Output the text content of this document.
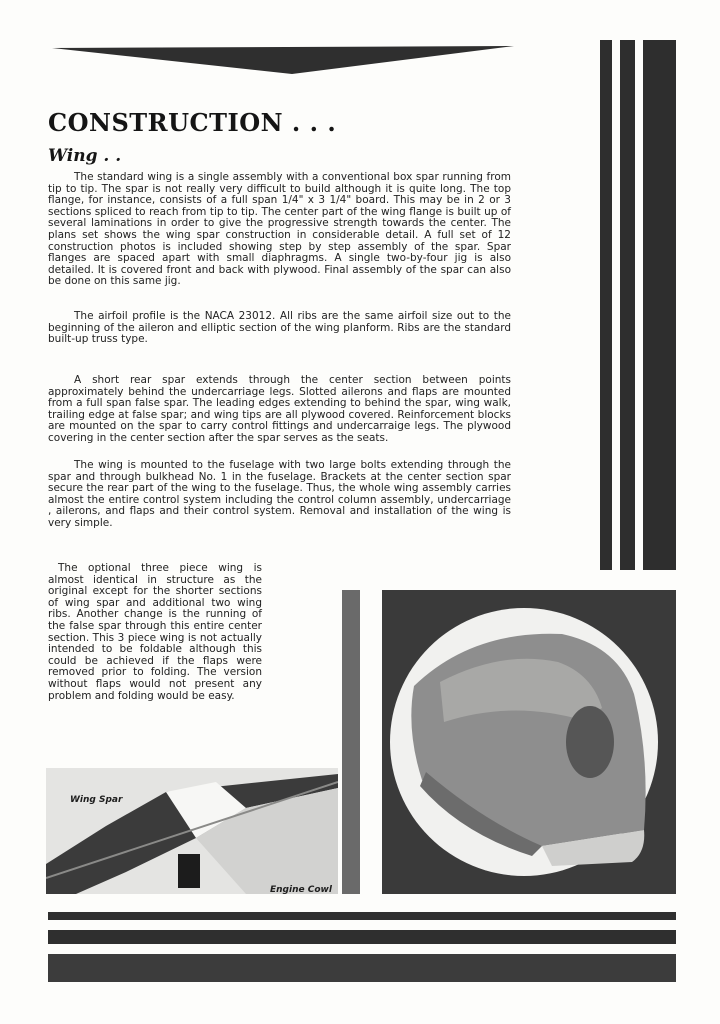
CONSTRUCTION . . .
Wing . .

The standard wing is a single assembly with a conventional box spar running from tip to tip. The spar is not really very difficult to build although it is quite long. The top flange, for instance, consists of a full span 1/4" x 3 1/4" board. This may be in 2 or 3 sections spliced to reach from tip to tip. The center part of the wing flange is built up of several laminations in order to give the progressive strength towards the center. The plans set shows the wing spar construction in considerable detail. A full set of 12 construction photos is included showing step by step assembly of the spar. Spar flanges are spaced apart with small diaphragms. A single two-by-four jig is also detailed. It is covered front and back with plywood. Final assembly of the spar can also be done on this same jig.

The airfoil profile is the NACA 23012. All ribs are the same airfoil size out to the beginning of the aileron and elliptic section of the wing planform. Ribs are the standard built-up truss type.

A short rear spar extends through the center section between points approximately behind the undercarriage legs. Slotted ailerons and flaps are mounted from a full span false spar. The leading edges extending to behind the spar, wing walk, trailing edge at false spar; and wing tips are all plywood covered. Reinforcement blocks are mounted on the spar to carry control fittings and undercarraige legs. The plywood covering in the center section after the spar serves as the seats.

The wing is mounted to the fuselage with two large bolts extending through the spar and through bulkhead No. 1 in the fuselage. Brackets at the center section spar secure the rear part of the wing to the fuselage. Thus, the whole wing assembly carries almost the entire control system including the control column assembly, undercarriage , ailerons, and flaps and their control system. Removal and installation of the wing is very simple.

The optional three piece wing is almost identical in structure as the original except for the shorter sections of wing spar and additional two wing ribs. Another change is the running of the false spar through this entire center section. This 3 piece wing is not actually intended to be foldable although this could be achieved if the flaps were removed prior to folding. The version without flaps would not present any problem and folding would be easy.

Wing Spar

Engine Cowl
